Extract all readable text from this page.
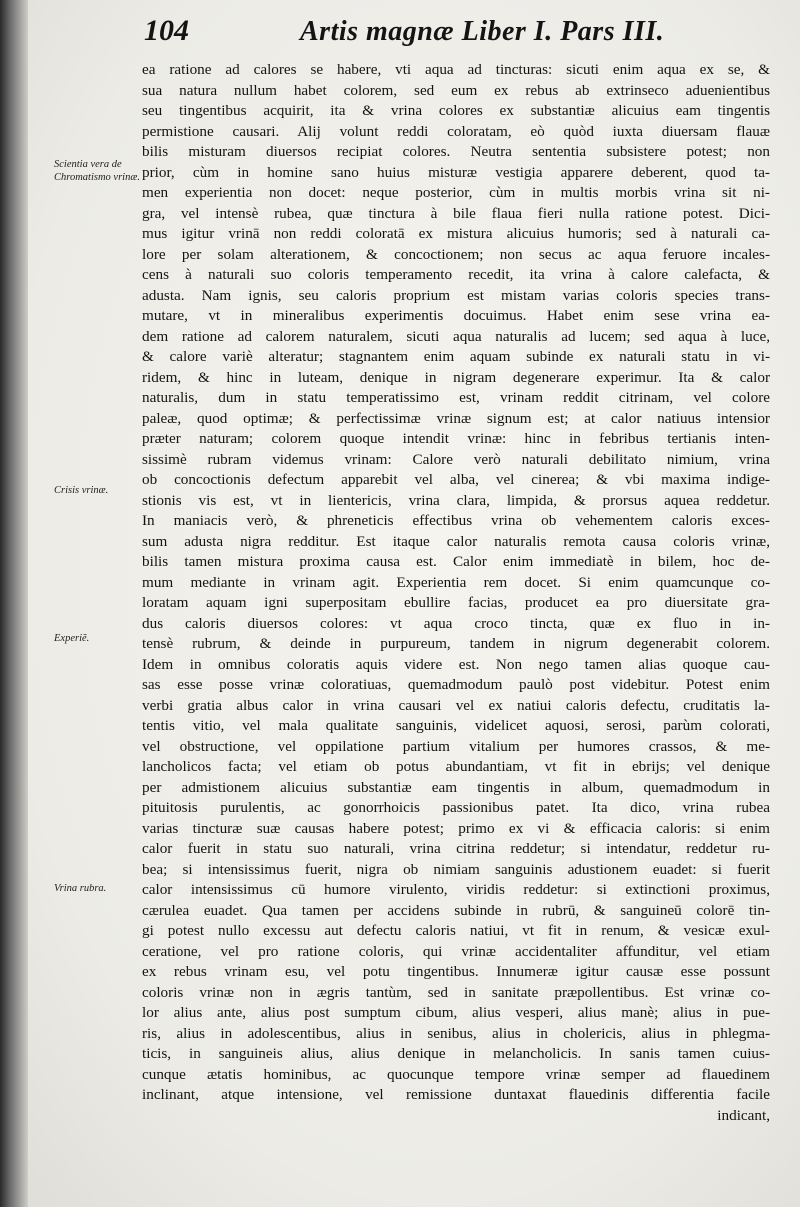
104	Artis magnæ Liber I. Pars III.
Scientia vera de Chromatismo vrinæ.
Crisis vrinæ.
Experiẽ.
Vrina rubra.
ea ratione ad calores se habere, vti aqua ad tincturas: sicuti enim aqua ex se, &
sua natura nullum habet colorem, sed eum ex rebus ab extrinseco aduenientibus
seu tingentibus acquirit, ita & vrina colores ex substantiæ alicuius eam tingentis
permistione causari. Alij volunt reddi coloratam, eò quòd iuxta diuersam flauæ
bilis misturam diuersos recipiat colores. Neutra sententia subsistere potest; non
prior, cùm in homine sano huius misturæ vestigia apparere deberent, quod ta-
men experientia non docet: neque posterior, cùm in multis morbis vrina sit ni-
gra, vel intensè rubea, quæ tinctura à bile flaua fieri nulla ratione potest. Dici-
mus igitur vrinā non reddi coloratā ex mistura alicuius humoris; sed à naturali ca-
lore per solam alterationem, & concoctionem; non secus ac aqua feruore incales-
cens à naturali suo coloris temperamento recedit, ita vrina à calore calefacta, &
adusta. Nam ignis, seu caloris proprium est mistam varias coloris species trans-
mutare, vt in mineralibus experimentis docuimus. Habet enim sese vrina ea-
dem ratione ad calorem naturalem, sicuti aqua naturalis ad lucem; sed aqua à luce,
& calore variè alteratur; stagnantem enim aquam subinde ex naturali statu in vi-
ridem, & hinc in luteam, denique in nigram degenerare experimur. Ita & calor
naturalis, dum in statu temperatissimo est, vrinam reddit citrinam, vel colore
paleæ, quod optimæ; & perfectissimæ vrinæ signum est; at calor natiuus intensior
præter naturam; colorem quoque intendit vrinæ: hinc in febribus tertianis inten-
sissimè rubram videmus vrinam: Calore verò naturali debilitato nimium, vrina
ob concoctionis defectum apparebit vel alba, vel cinerea; & vbi maxima indige-
stionis vis est, vt in lientericis, vrina clara, limpida, & prorsus aquea reddetur.
In maniacis verò, & phreneticis effectibus vrina ob vehementem caloris exces-
sum adusta nigra redditur. Est itaque calor naturalis remota causa coloris vrinæ,
bilis tamen mistura proxima causa est. Calor enim immediatè in bilem, hoc de-
mum mediante in vrinam agit. Experientia rem docet. Si enim quamcunque co-
loratam aquam igni superpositam ebullire facias, producet ea pro diuersitate gra-
dus caloris diuersos colores: vt aqua croco tincta, quæ ex fluo in in-
tensè rubrum, & deinde in purpureum, tandem in nigrum degenerabit colorem.
Idem in omnibus coloratis aquis videre est. Non nego tamen alias quoque cau-
sas esse posse vrinæ coloratiuas, quemadmodum paulò post videbitur. Potest enim
verbi gratia albus calor in vrina causari vel ex natiui caloris defectu, cruditatis la-
tentis vitio, vel mala qualitate sanguinis, videlicet aquosi, serosi, parùm colorati,
vel obstructione, vel oppilatione partium vitalium per humores crassos, & me-
lancholicos facta; vel etiam ob potus abundantiam, vt fit in ebrijs; vel denique
per admistionem alicuius substantiæ eam tingentis in album, quemadmodum in
pituitosis purulentis, ac gonorrhoicis passionibus patet. Ita dico, vrina rubea
varias tincturæ suæ causas habere potest; primo ex vi & efficacia caloris: si enim
calor fuerit in statu suo naturali, vrina citrina reddetur; si intendatur, reddetur ru-
bea; si intensissimus fuerit, nigra ob nimiam sanguinis adustionem euadet: si fuerit
calor intensissimus cū humore virulento, viridis reddetur: si extinctioni proximus,
cærulea euadet. Qua tamen per accidens subinde in rubrū, & sanguineū colorē tin-
gi potest nullo excessu aut defectu caloris natiui, vt fit in renum, & vesicæ exul-
ceratione, vel pro ratione coloris, qui vrinæ accidentaliter affunditur, vel etiam
ex rebus vrinam esu, vel potu tingentibus. Innumeræ igitur causæ esse possunt
coloris vrinæ non in ægris tantùm, sed in sanitate præpollentibus. Est vrinæ co-
lor alius ante, alius post sumptum cibum, alius vesperi, alius manè; alius in pue-
ris, alius in adolescentibus, alius in senibus, alius in cholericis, alius in phlegma-
ticis, in sanguineis alius, alius denique in melancholicis. In sanis tamen cuius-
cunque ætatis hominibus, ac quocunque tempore vrinæ semper ad flauedinem
inclinant, atque intensione, vel remissione duntaxat flauedinis differentia facile
indicant,
